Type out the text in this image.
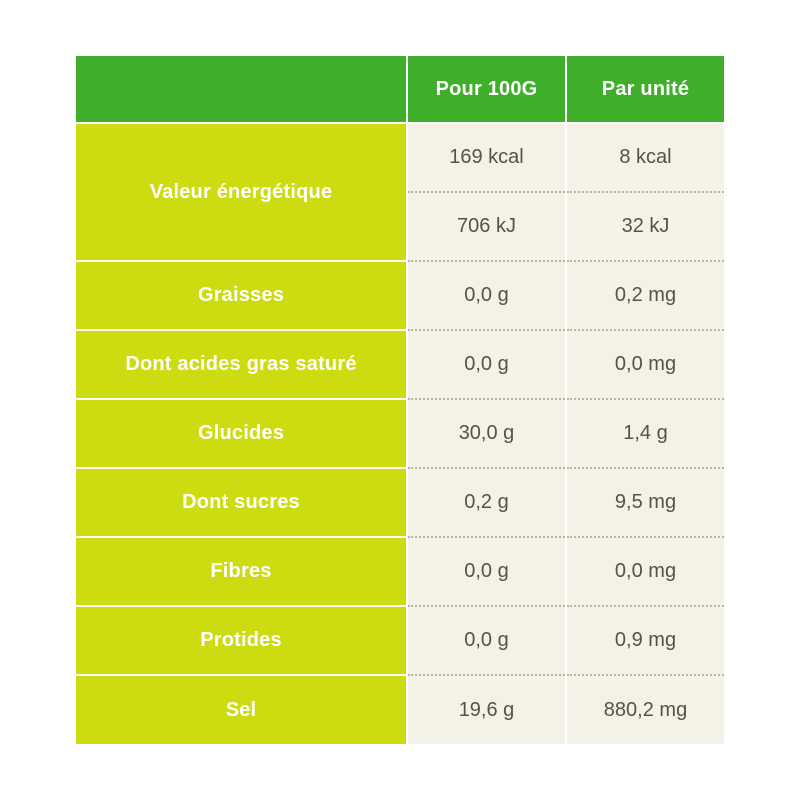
	Pour 100G	Par unité
Valeur énergétique	169 kcal	8 kcal
	706 kJ	32 kJ
Graisses	0,0 g	0,2 mg
Dont acides gras saturé	0,0 g	0,0 mg
Glucides	30,0 g	1,4 g
Dont sucres	0,2 g	9,5 mg
Fibres	0,0 g	0,0 mg
Protides	0,0 g	0,9 mg
Sel	19,6 g	880,2 mg
